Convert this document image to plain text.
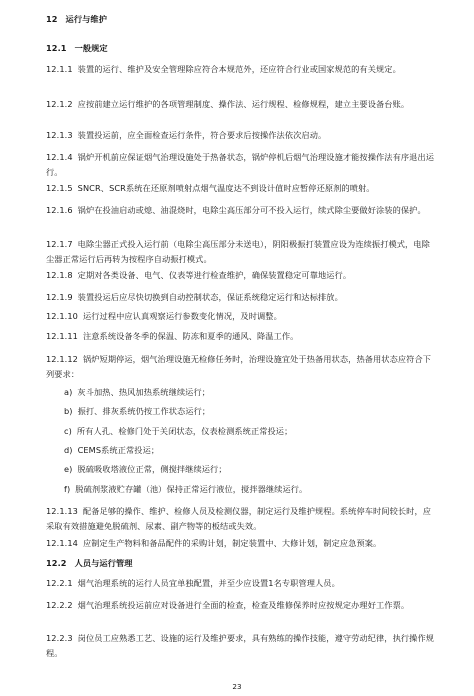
12 运行与维护
12.1 一般规定
12.1.1 装置的运行、维护及安全管理除应符合本规范外，还应符合行业或国家规范的有关规定。
12.1.2 应按前建立运行维护的各项管理制度、操作法、运行规程、检修规程，建立主要设备台账。
12.1.3 装置投运前，应全面检查运行条件，符合要求后按操作法依次启动。
12.1.4 锅炉开机前应保证烟气治理设施处于热备状态，锅炉停机后烟气治理设施才能按操作法有序退出运行。
12.1.5 SNCR、SCR系统在还原剂喷射点烟气温度达不到设计值时应暂停还原剂的喷射。
12.1.6 锅炉在投油启动或熄、油混烧时，电除尘高压部分可不投入运行，续式除尘要做好涂装的保护。
12.1.7 电除尘器正式投入运行前（电除尘高压部分未送电），阴阳极振打装置应设为连续振打模式，电除尘器正常运行后再转为按程序自动振打模式。
12.1.8 定期对各类设备、电气、仪表等进行检查维护，确保装置稳定可靠地运行。
12.1.9 装置投运后应尽快切换到自动控制状态，保证系统稳定运行和达标排放。
12.1.10 运行过程中应认真观察运行参数变化情况，及时调整。
12.1.11 注意系统设备冬季的保温、防冻和夏季的通风、降温工作。
12.1.12 锅炉短期停运，烟气治理设施无检修任务时，治理设施宜处于热备用状态，热备用状态应符合下列要求：
a) 灰斗加热、热风加热系统继续运行；
b) 振打、排灰系统仍按工作状态运行；
c) 所有人孔、检修门处于关闭状态，仪表检测系统正常投运；
d) CEMS系统正常投运；
e) 脱硫吸收塔液位正常，侧搅拌继续运行；
f) 脱硫剂浆液贮存罐（池）保持正常运行液位，搅拌器继续运行。
12.1.13 配备足够的操作、维护、检修人员及检测仪器，制定运行及维护规程。系统停车时间较长时，应采取有效措施避免脱硫剂、尿素、副产物等的板结或失效。
12.1.14 应制定生产物料和备品配件的采购计划，制定装置中、大修计划，制定应急预案。
12.2 人员与运行管理
12.2.1 烟气治理系统的运行人员宜单独配置，并至少应设置1名专职管理人员。
12.2.2 烟气治理系统投运前应对设备进行全面的检查，检查及维修保养时应按规定办理好工作票。
12.2.3 岗位员工应熟悉工艺、设施的运行及维护要求，具有熟练的操作技能，遵守劳动纪律，执行操作规程。
23
